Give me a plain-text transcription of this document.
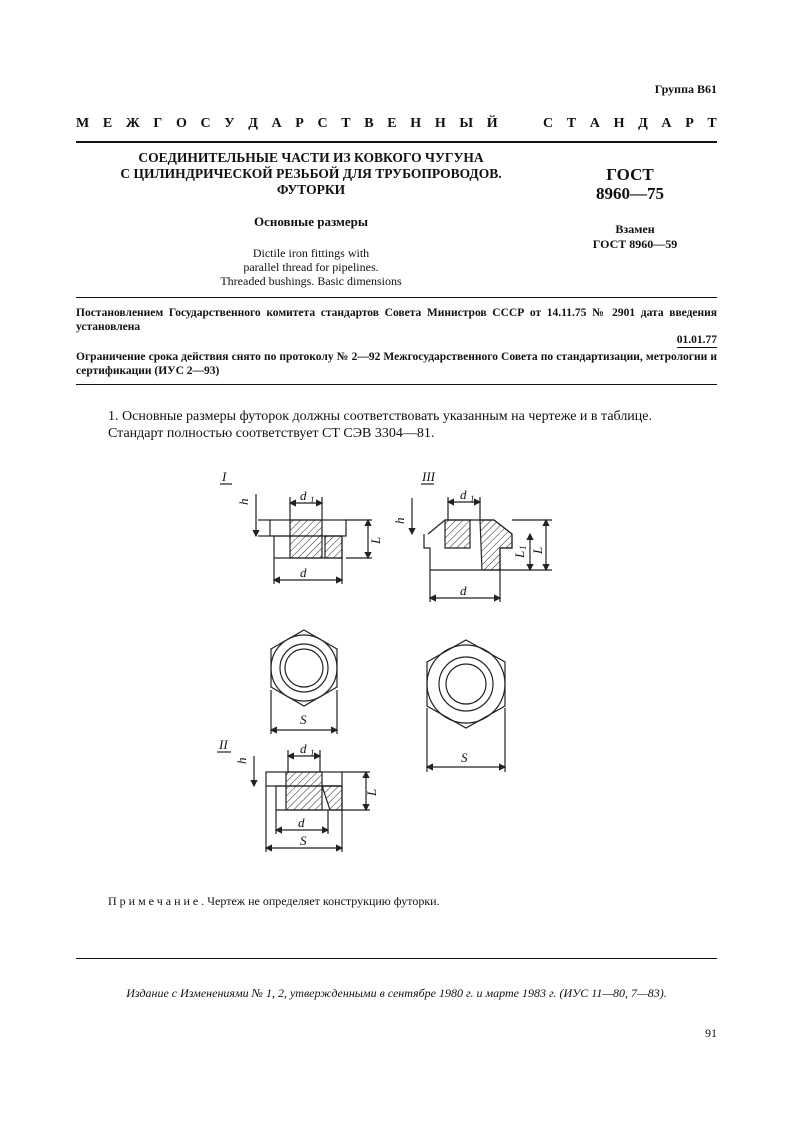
Группа В61
М Е Ж Г О С У Д А Р С Т В Е Н Н Ы Й	С Т А Н Д А Р Т
СОЕДИНИТЕЛЬНЫЕ ЧАСТИ ИЗ КОВКОГО ЧУГУНА
С ЦИЛИНДРИЧЕСКОЙ РЕЗЬБОЙ ДЛЯ ТРУБОПРОВОДОВ.
ФУТОРКИ
Основные размеры
Dictile iron fittings with
parallel thread for pipelines.
Threaded bushings. Basic dimensions
ГОСТ
8960—75
Взамен
ГОСТ 8960—59
Постановлением Государственного комитета стандартов Совета Министров СССР от 14.11.75 № 2901 дата введения установлена
01.01.77
Ограничение срока действия снято по протоколу № 2—92 Межгосударственного Совета по стандартизации, метрологии и сертификации (ИУС 2—93)
1. Основные размеры футорок должны соответствовать указанным на чертеже и в таблице.
Стандарт полностью соответствует СТ СЭВ 3304—81.
I	III
II
h	d 1
L
d
h
d 1
L
L
1
d
S
S
h
d 1
L
d
S
Примечание. Чертеж не определяет конструкцию футорки.
Издание с Изменениями № 1, 2, утвержденными в сентябре 1980 г. и марте 1983 г. (ИУС 11—80, 7—83).
91
